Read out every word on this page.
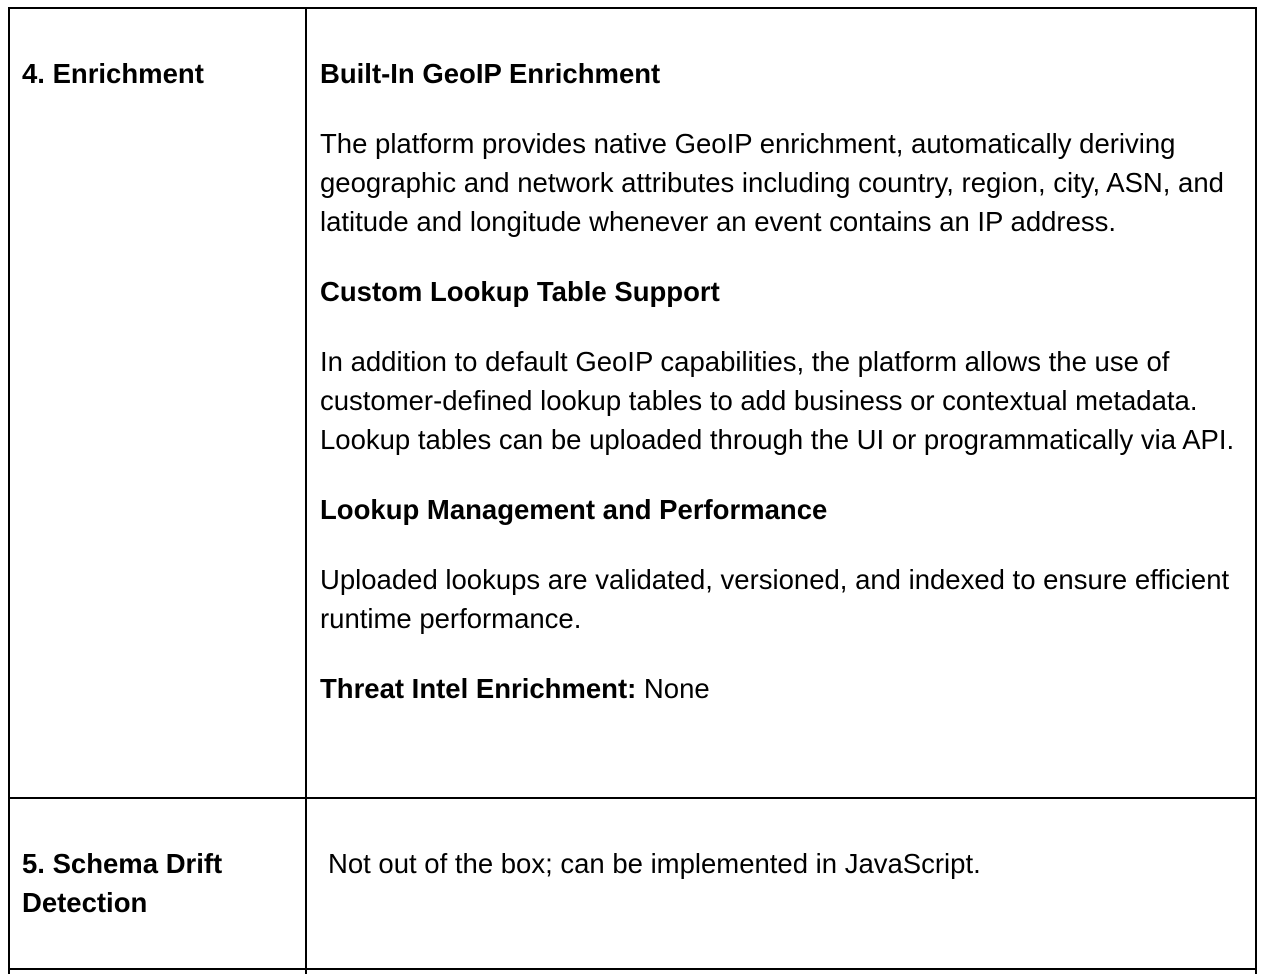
4. Enrichment	Built-In GeoIP Enrichment

The platform provides native GeoIP enrichment, automatically deriving geographic and network attributes including country, region, city, ASN, and latitude and longitude whenever an event contains an IP address.

Custom Lookup Table Support

In addition to default GeoIP capabilities, the platform allows the use of customer-defined lookup tables to add business or contextual metadata. Lookup tables can be uploaded through the UI or programmatically via API.

Lookup Management and Performance

Uploaded lookups are validated, versioned, and indexed to ensure efficient runtime performance.

Threat Intel Enrichment: None

5. Schema Drift
Detection

Not out of the box; can be implemented in JavaScript.
